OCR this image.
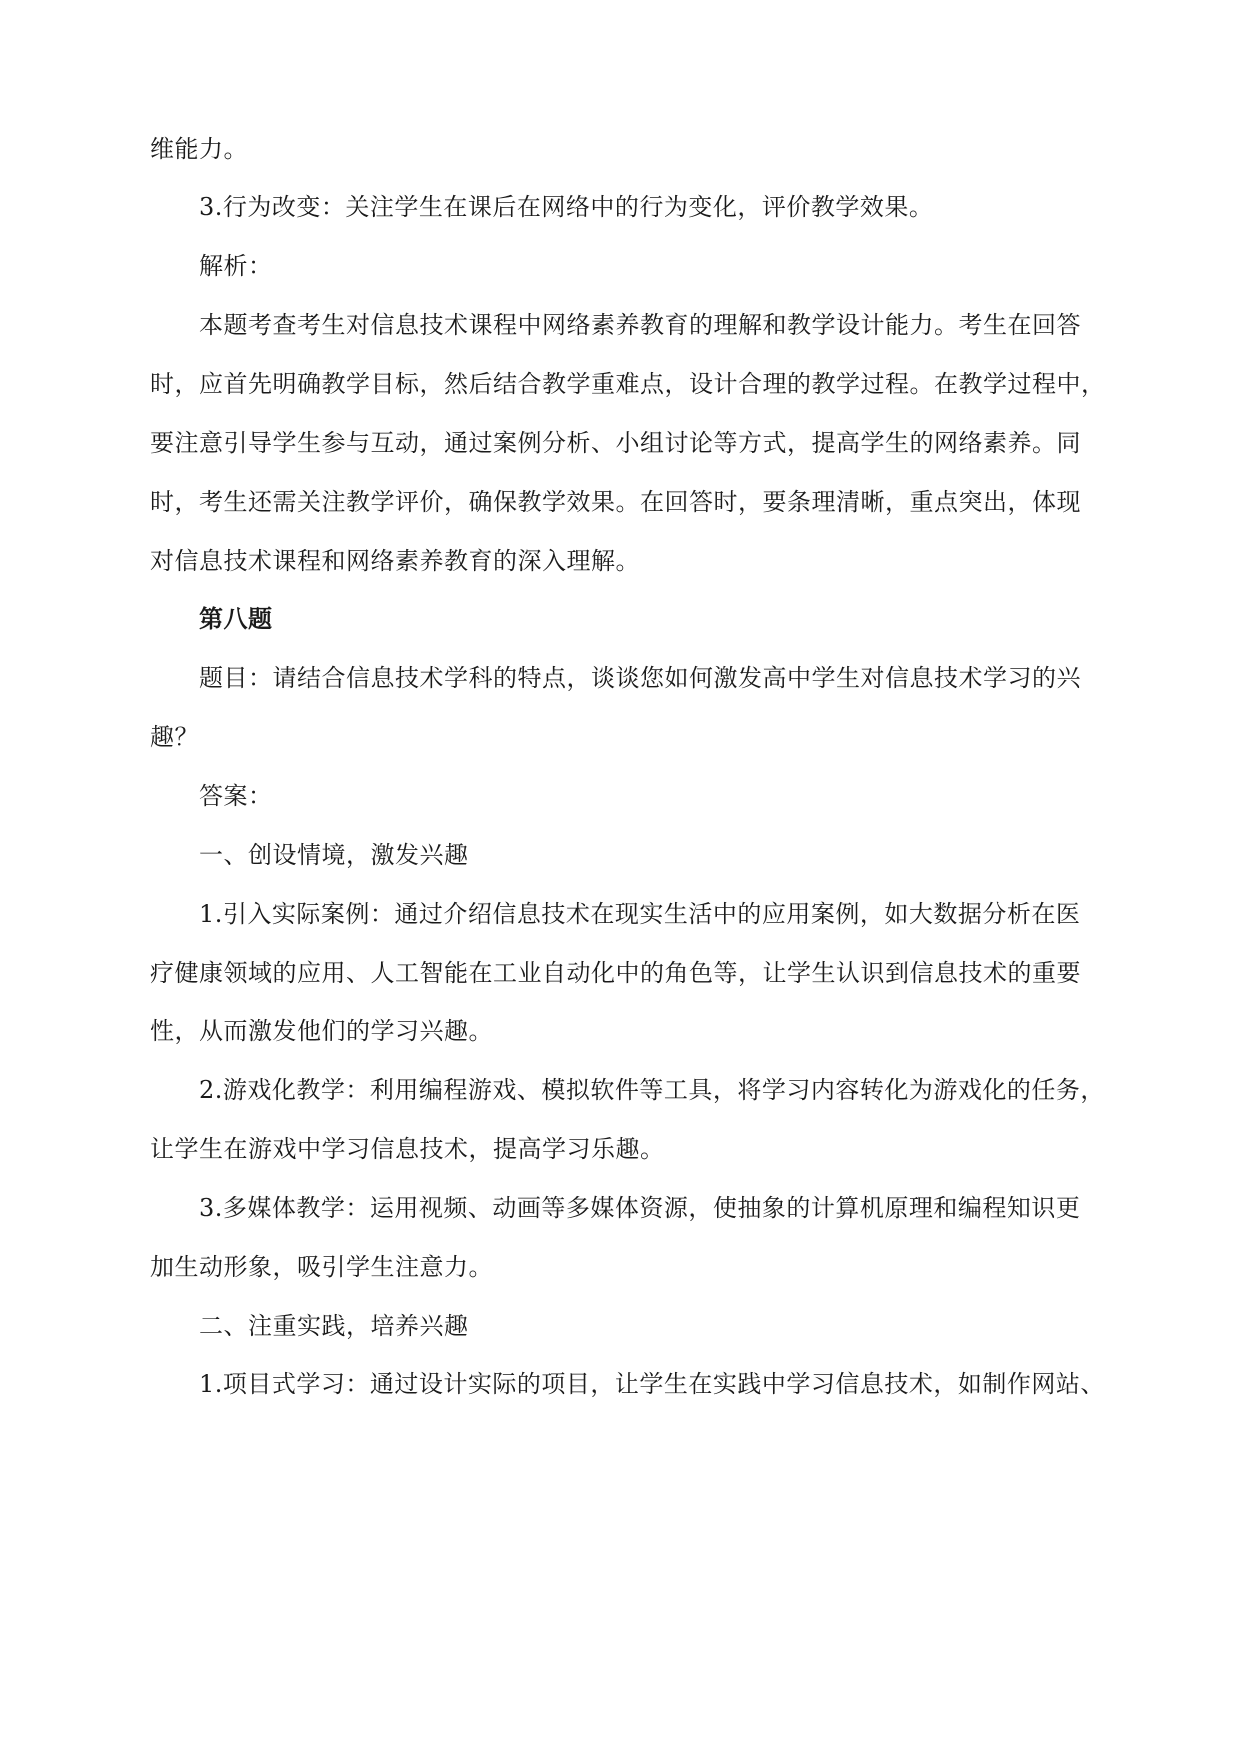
维能力。
3.行为改变：关注学生在课后在网络中的行为变化，评价教学效果。
解析：
本题考查考生对信息技术课程中网络素养教育的理解和教学设计能力。考生在回答
时，应首先明确教学目标，然后结合教学重难点，设计合理的教学过程。在教学过程中，
要注意引导学生参与互动，通过案例分析、小组讨论等方式，提高学生的网络素养。同
时，考生还需关注教学评价，确保教学效果。在回答时，要条理清晰，重点突出，体现
对信息技术课程和网络素养教育的深入理解。
第八题
题目：请结合信息技术学科的特点，谈谈您如何激发高中学生对信息技术学习的兴
趣？
答案：
一、创设情境，激发兴趣
1.引入实际案例：通过介绍信息技术在现实生活中的应用案例，如大数据分析在医
疗健康领域的应用、人工智能在工业自动化中的角色等，让学生认识到信息技术的重要
性，从而激发他们的学习兴趣。
2.游戏化教学：利用编程游戏、模拟软件等工具，将学习内容转化为游戏化的任务，
让学生在游戏中学习信息技术，提高学习乐趣。
3.多媒体教学：运用视频、动画等多媒体资源，使抽象的计算机原理和编程知识更
加生动形象，吸引学生注意力。
二、注重实践，培养兴趣
1.项目式学习：通过设计实际的项目，让学生在实践中学习信息技术，如制作网站、
